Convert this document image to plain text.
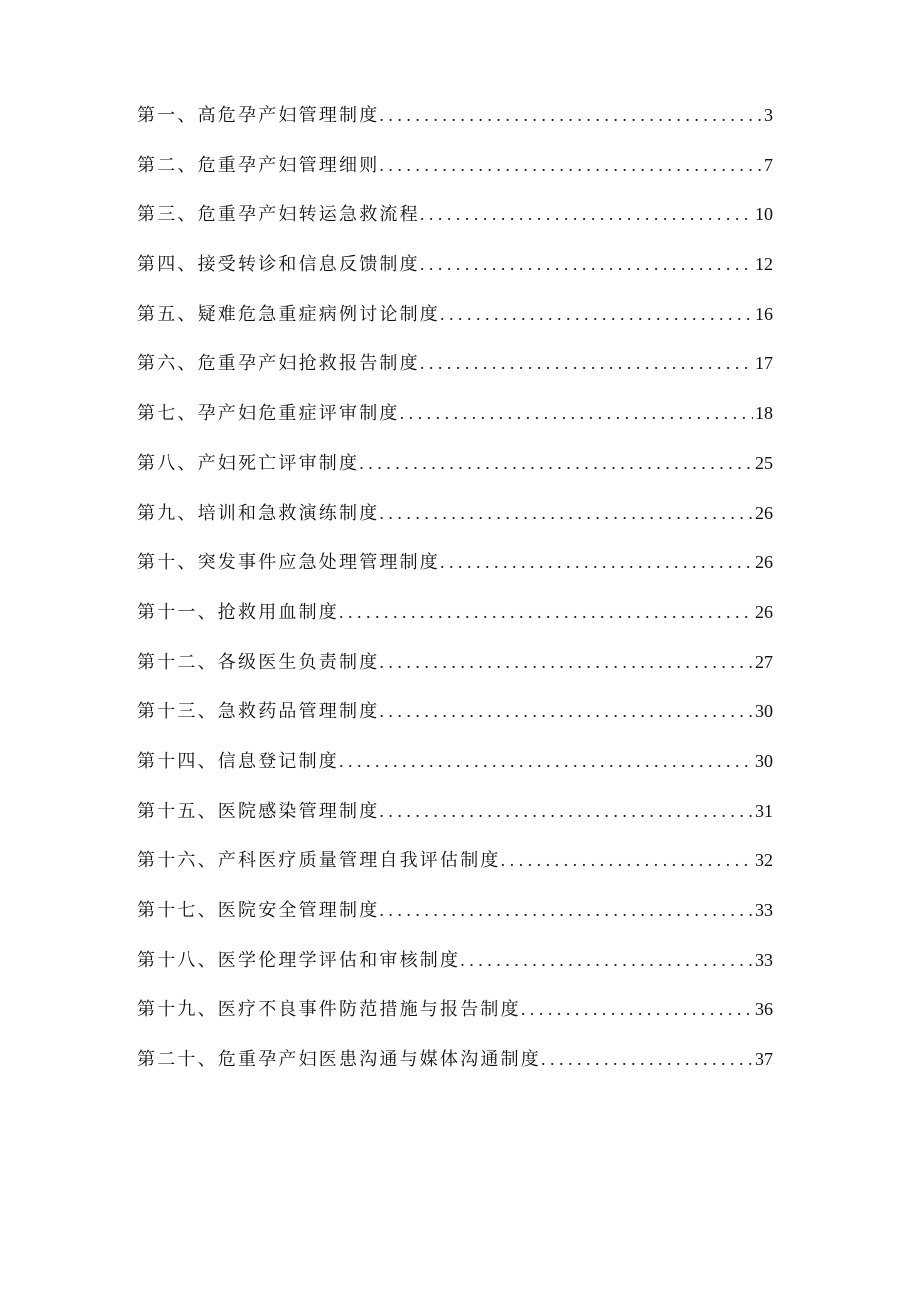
第一、高危孕产妇管理制度 . . .	3
第二、危重孕产妇管理细则 . . .	7
第三、危重孕产妇转运急救流程 . . .	10
第四、接受转诊和信息反馈制度 . . .	12
第五、疑难危急重症病例讨论制度 . . .	16
第六、危重孕产妇抢救报告制度 . . .	17
第七、孕产妇危重症评审制度 . . .	18
第八、产妇死亡评审制度 . . .	25
第九、培训和急救演练制度 . . .	26
第十、突发事件应急处理管理制度 . . .	26
第十一、抢救用血制度 . . .	26
第十二、各级医生负责制度 . . .	27
第十三、急救药品管理制度 . . .	30
第十四、信息登记制度 . . .	30
第十五、医院感染管理制度 . . .	31
第十六、产科医疗质量管理自我评估制度 . . .	32
第十七、医院安全管理制度 . . .	33
第十八、医学伦理学评估和审核制度 . . .	33
第十九、医疗不良事件防范措施与报告制度 . . .	36
第二十、危重孕产妇医患沟通与媒体沟通制度 . . .	37
